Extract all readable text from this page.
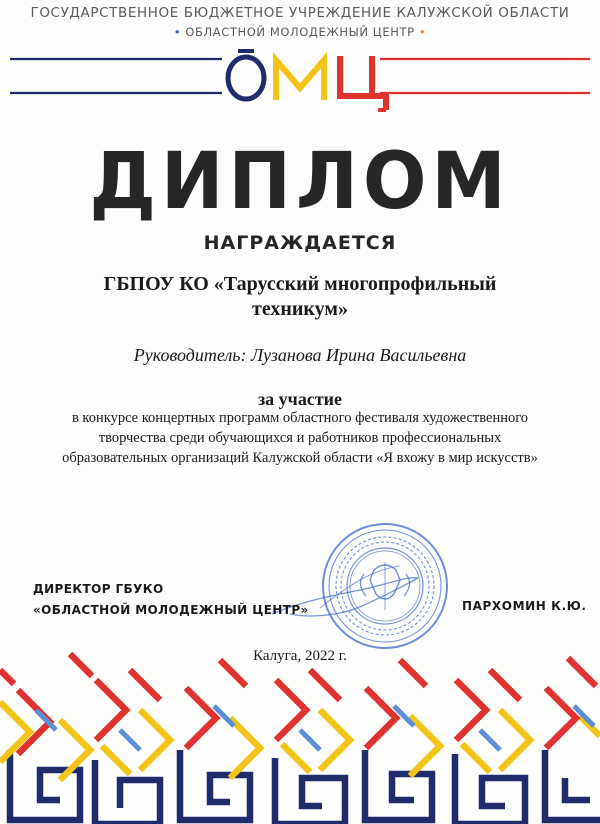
ГОСУДАРСТВЕННОЕ БЮДЖЕТНОЕ УЧРЕЖДЕНИЕ КАЛУЖСКОЙ ОБЛАСТИ
• ОБЛАСТНОЙ МОЛОДЕЖНЫЙ ЦЕНТР •
ДИПЛОМ
НАГРАЖДАЕТСЯ
ГБПОУ КО «Тарусский многопрофильный
техникум»
Руководитель: Лузанова Ирина Васильевна
за участие
в конкурсе концертных программ областного фестиваля художественного
творчества среди обучающихся и работников профессиональных
образовательных организаций Калужской области «Я вхожу в мир искусств»
ДИРЕКТОР ГБУКО
«ОБЛАСТНОЙ МОЛОДЕЖНЫЙ ЦЕНТР»	ПАРХОМИН К.Ю.
Калуга, 2022 г.
